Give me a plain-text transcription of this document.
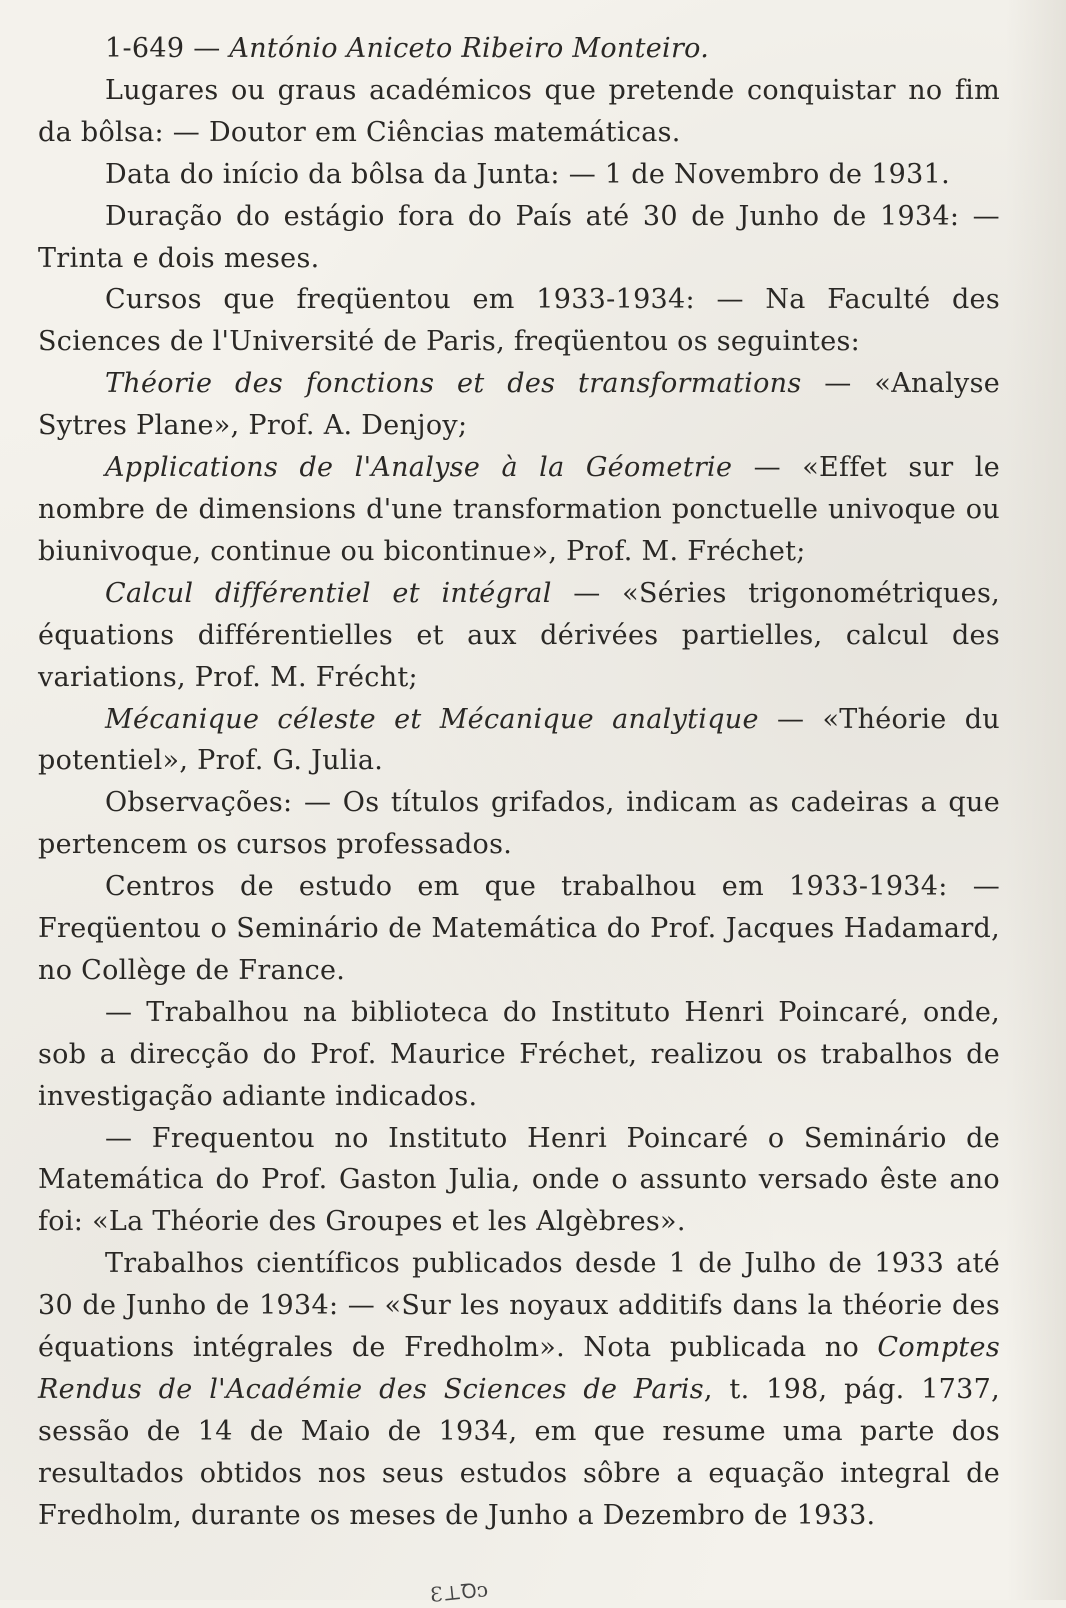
1-649 — António Aniceto Ribeiro Monteiro.

Lugares ou graus académicos que pretende conquistar no fim da bôlsa: — Doutor em Ciências matemáticas.

Data do início da bôlsa da Junta: — 1 de Novembro de 1931.

Duração do estágio fora do País até 30 de Junho de 1934: — Trinta e dois meses.

Cursos que freqüentou em 1933-1934: — Na Faculté des Sciences de l'Université de Paris, freqüentou os seguintes:

Théorie des fonctions et des transformations — «Analyse Sytres Plane», Prof. A. Denjoy;

Applications de l'Analyse à la Géometrie — «Effet sur le nombre de dimensions d'une transformation ponctuelle univoque ou biunivoque, continue ou bicontinue», Prof. M. Fréchet;

Calcul différentiel et intégral — «Séries trigonométriques, équations différentielles et aux dérivées partielles, calcul des variations, Prof. M. Frécht;

Mécanique céleste et Mécanique analytique — «Théorie du potentiel», Prof. G. Julia.

Observações: — Os títulos grifados, indicam as cadeiras a que pertencem os cursos professados.

Centros de estudo em que trabalhou em 1933-1934: — Freqüentou o Seminário de Matemática do Prof. Jacques Hadamard, no Collège de France.

— Trabalhou na biblioteca do Instituto Henri Poincaré, onde, sob a direcção do Prof. Maurice Fréchet, realizou os trabalhos de investigação adiante indicados.

— Frequentou no Instituto Henri Poincaré o Seminário de Matemática do Prof. Gaston Julia, onde o assunto versado êste ano foi: «La Théorie des Groupes et les Algèbres».

Trabalhos científicos publicados desde 1 de Julho de 1933 até 30 de Junho de 1934: — «Sur les noyaux additifs dans la théorie des équations intégrales de Fredholm». Nota publicada no Comptes Rendus de l'Académie des Sciences de Paris, t. 198, pág. 1737, sessão de 14 de Maio de 1934, em que resume uma parte dos resultados obtidos nos seus estudos sôbre a equação integral de Fredholm, durante os meses de Junho a Dezembro de 1933.

Ɛ⊥Ꝺᴐ
